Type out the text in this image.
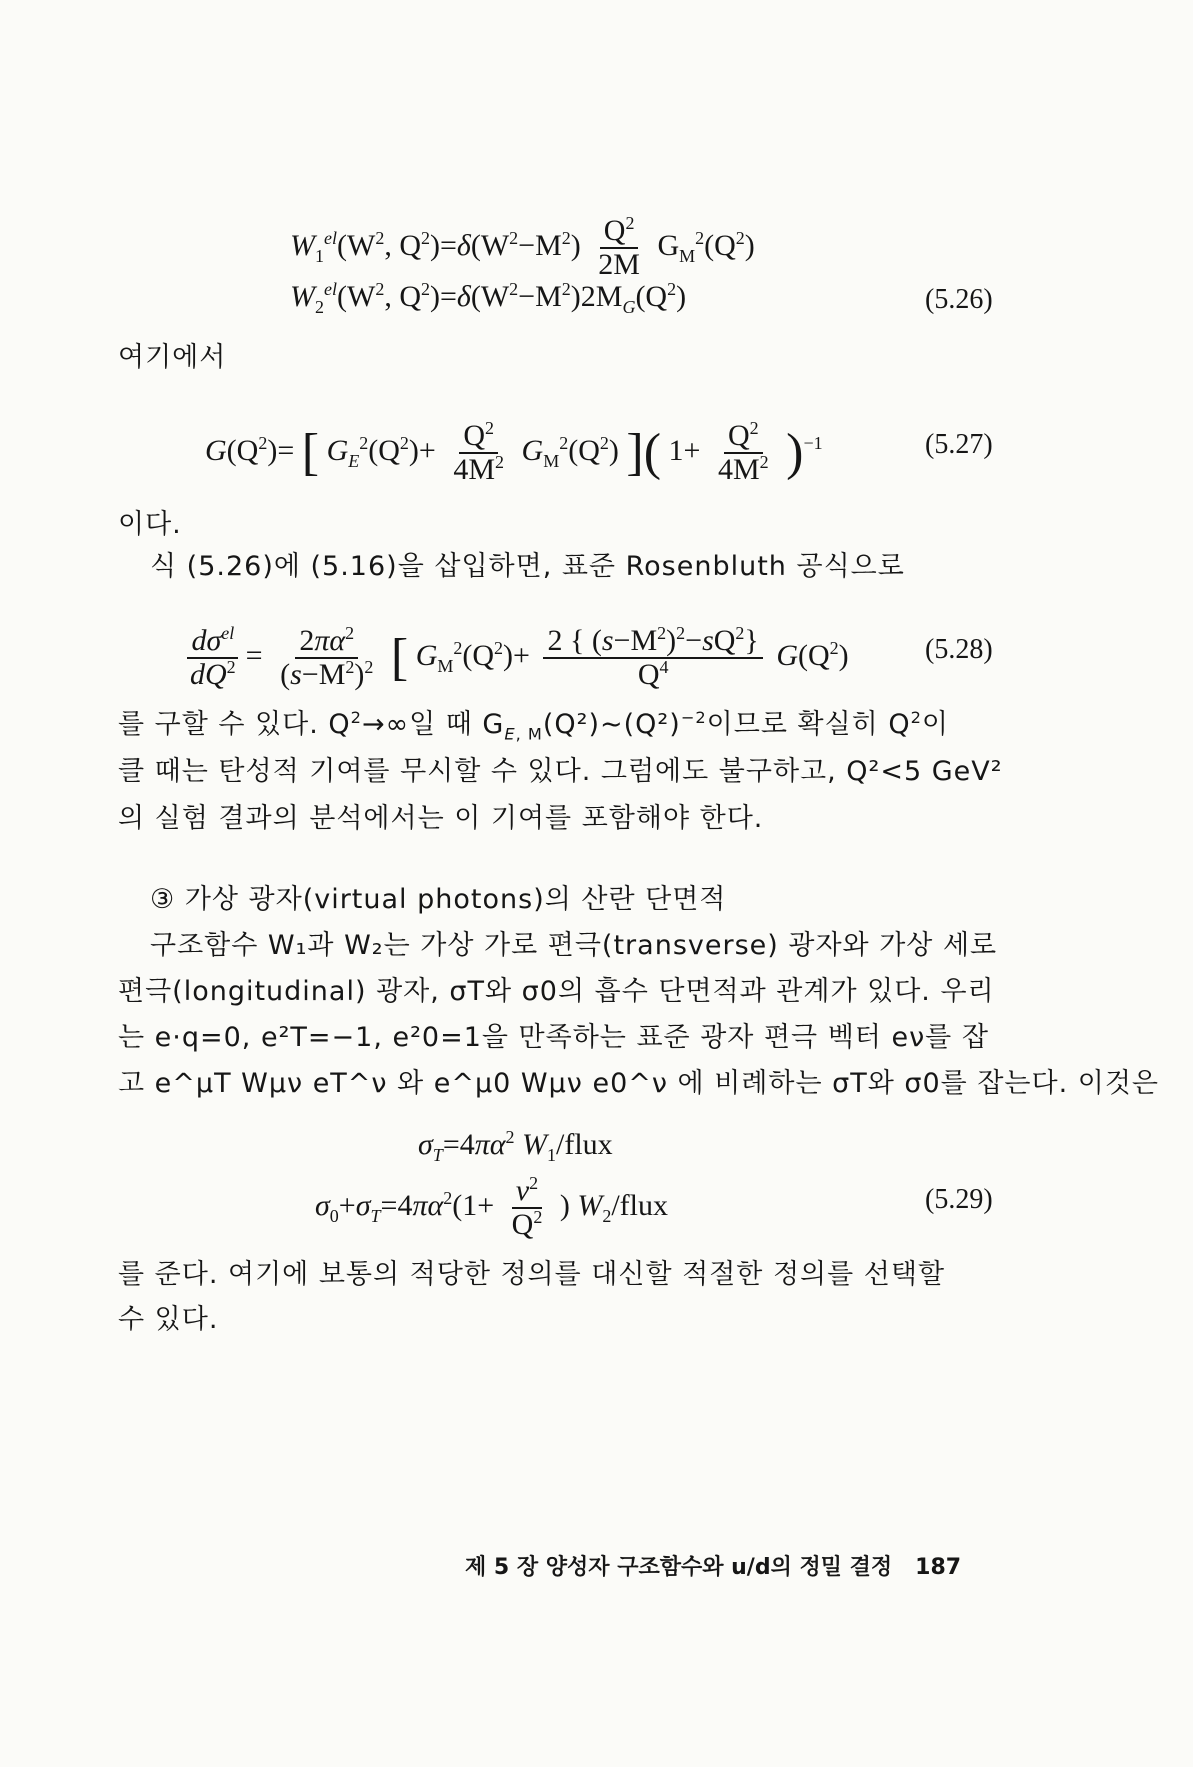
$W_1^{el}(W^2$, $Q^2)=\delta(W^2-M^2) \frac{Q^2}{2M} G_M^2(Q^2)$
$W_2^{el}(W^2$, $Q^2)=\delta(W^2-M^2)2M_G(Q^2)$	(5.26)
여기에서
$G(Q^2)=$ [ $G_E^2(Q^2)+ \frac{Q^2}{4M^2} G_M^2(Q^2)$ ]( $1+ \frac{Q^2}{4M^2} )^{-1}$	(5.27)
이다.
식 (5.26)에 (5.16)을 삽입하면, 표준 Rosenbluth 공식으로
$\frac{d\sigma^{el}}{dQ^2} = \frac{2\pi\alpha^2}{(s-M^2)^2}$ [ $G_M^2(Q^2)+ \frac{2 \{ (s-M^2)^2-sQ^2\}}{Q^4} G(Q^2)$	(5.28)
를 구할 수 있다. $Q^2\to\infty$일 때 $G_{E, M}(Q^2)\sim(Q^2)^{-2}$이므로 확실히 $Q^2$이
클 때는 탄성적 기여를 무시할 수 있다. 그럼에도 불구하고, Q²<5 GeV²
의 실험 결과의 분석에서는 이 기여를 포함해야 한다.
③ 가상 광자(virtual photons)의 산란 단면적
구조함수 W₁과 W₂는 가상 가로 편극(transverse) 광자와 가상 세로
편극(longitudinal) 광자, σT와 σ0의 흡수 단면적과 관계가 있다. 우리
는 e·q=0, e²T=−1, e²0=1을 만족하는 표준 광자 편극 벡터 eν를 잡
고 e^μT Wμν eT^ν 와 e^μ0 Wμν e0^ν 에 비례하는 σT와 σ0를 잡는다. 이것은
$\sigma_T=4\pi\alpha^2$ $W_1$/flux
$\sigma_0+\sigma_T=4\pi\alpha^2(1+ \frac{\nu^2}{Q^2}$ ) $W_2$/flux	(5.29)
를 준다. 여기에 보통의 적당한 정의를 대신할 적절한 정의를 선택할
수 있다.
제 5 장 양성자 구조함수와 u/d의 정밀 결정 187
